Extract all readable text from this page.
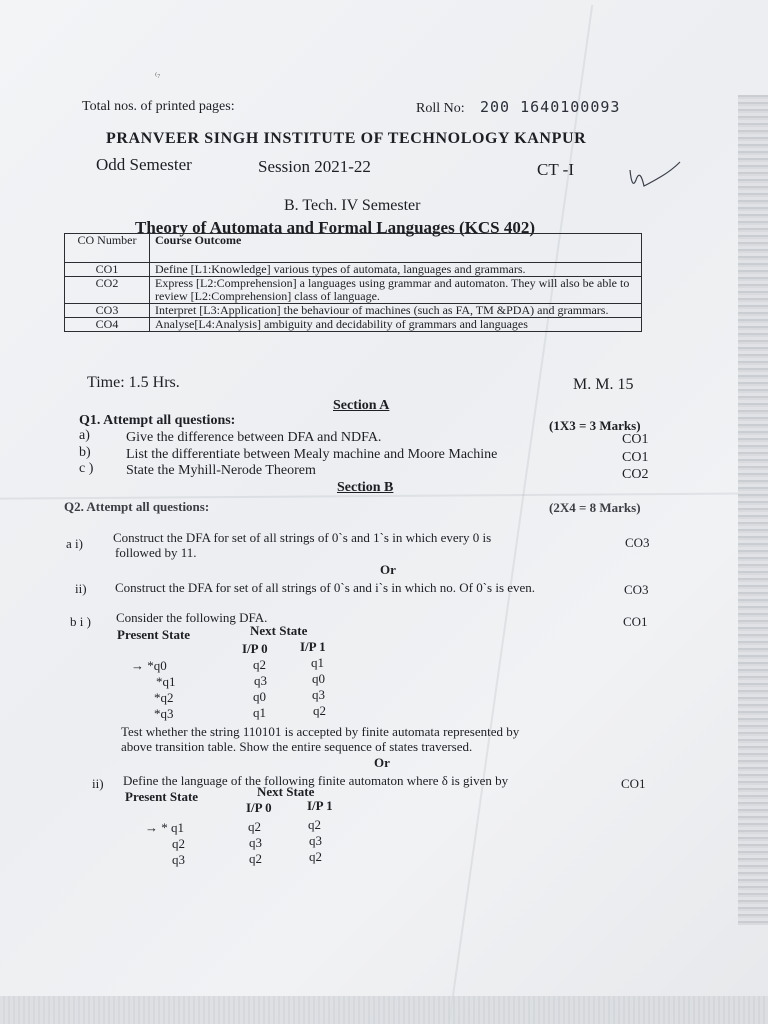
₍₇
Total nos. of printed pages:	Roll No: 200 1640100093
PRANVEER SINGH INSTITUTE OF TECHNOLOGY KANPUR
Odd Semester	Session 2021-22	CT -I
B. Tech. IV Semester
Theory of Automata and Formal Languages (KCS 402)
CO Number	Course Outcome
CO1	Define [L1:Knowledge] various types of automata, languages and grammars.
CO2	Express [L2:Comprehension] a languages using grammar and automaton. They will also be able to review [L2:Comprehension] class of language.
CO3	Interpret [L3:Application] the behaviour of machines (such as FA, TM &PDA) and grammars.
CO4	Analyse[L4:Analysis] ambiguity and decidability of grammars and languages
Time: 1.5 Hrs.	M. M. 15
Section A
Q1. Attempt all questions:	(1X3 = 3 Marks)
a)	Give the difference between DFA and NDFA.	CO1
b)	List the differentiate between Mealy machine and Moore Machine	CO1
c ) State the Myhill-Nerode Theorem	CO2
Section B
Q2. Attempt all questions:	(2X4 = 8 Marks)
a i) Construct the DFA for set of all strings of 0`s and 1`s in which every 0 is
followed by 11.
CO3
Or
ii) Construct the DFA for set of all strings of 0`s and i`s in which no. Of 0`s is even.	CO3
b i ) Consider the following DFA.	CO1
Present State	Next State
I/P 0 I/P 1
→ *q0	q2	q1
*q1	q3	q0
*q2	q0	q3
*q3	q1	q2
Test whether the string 110101 is accepted by finite automata represented by
above transition table. Show the entire sequence of states traversed.
Or
ii) Define the language of the following finite automaton where δ is given by	CO1
Present State	Next State
I/P 0	I/P 1
→ * q1	q2	q2
q2	q3	q3
q3	q2	q2
